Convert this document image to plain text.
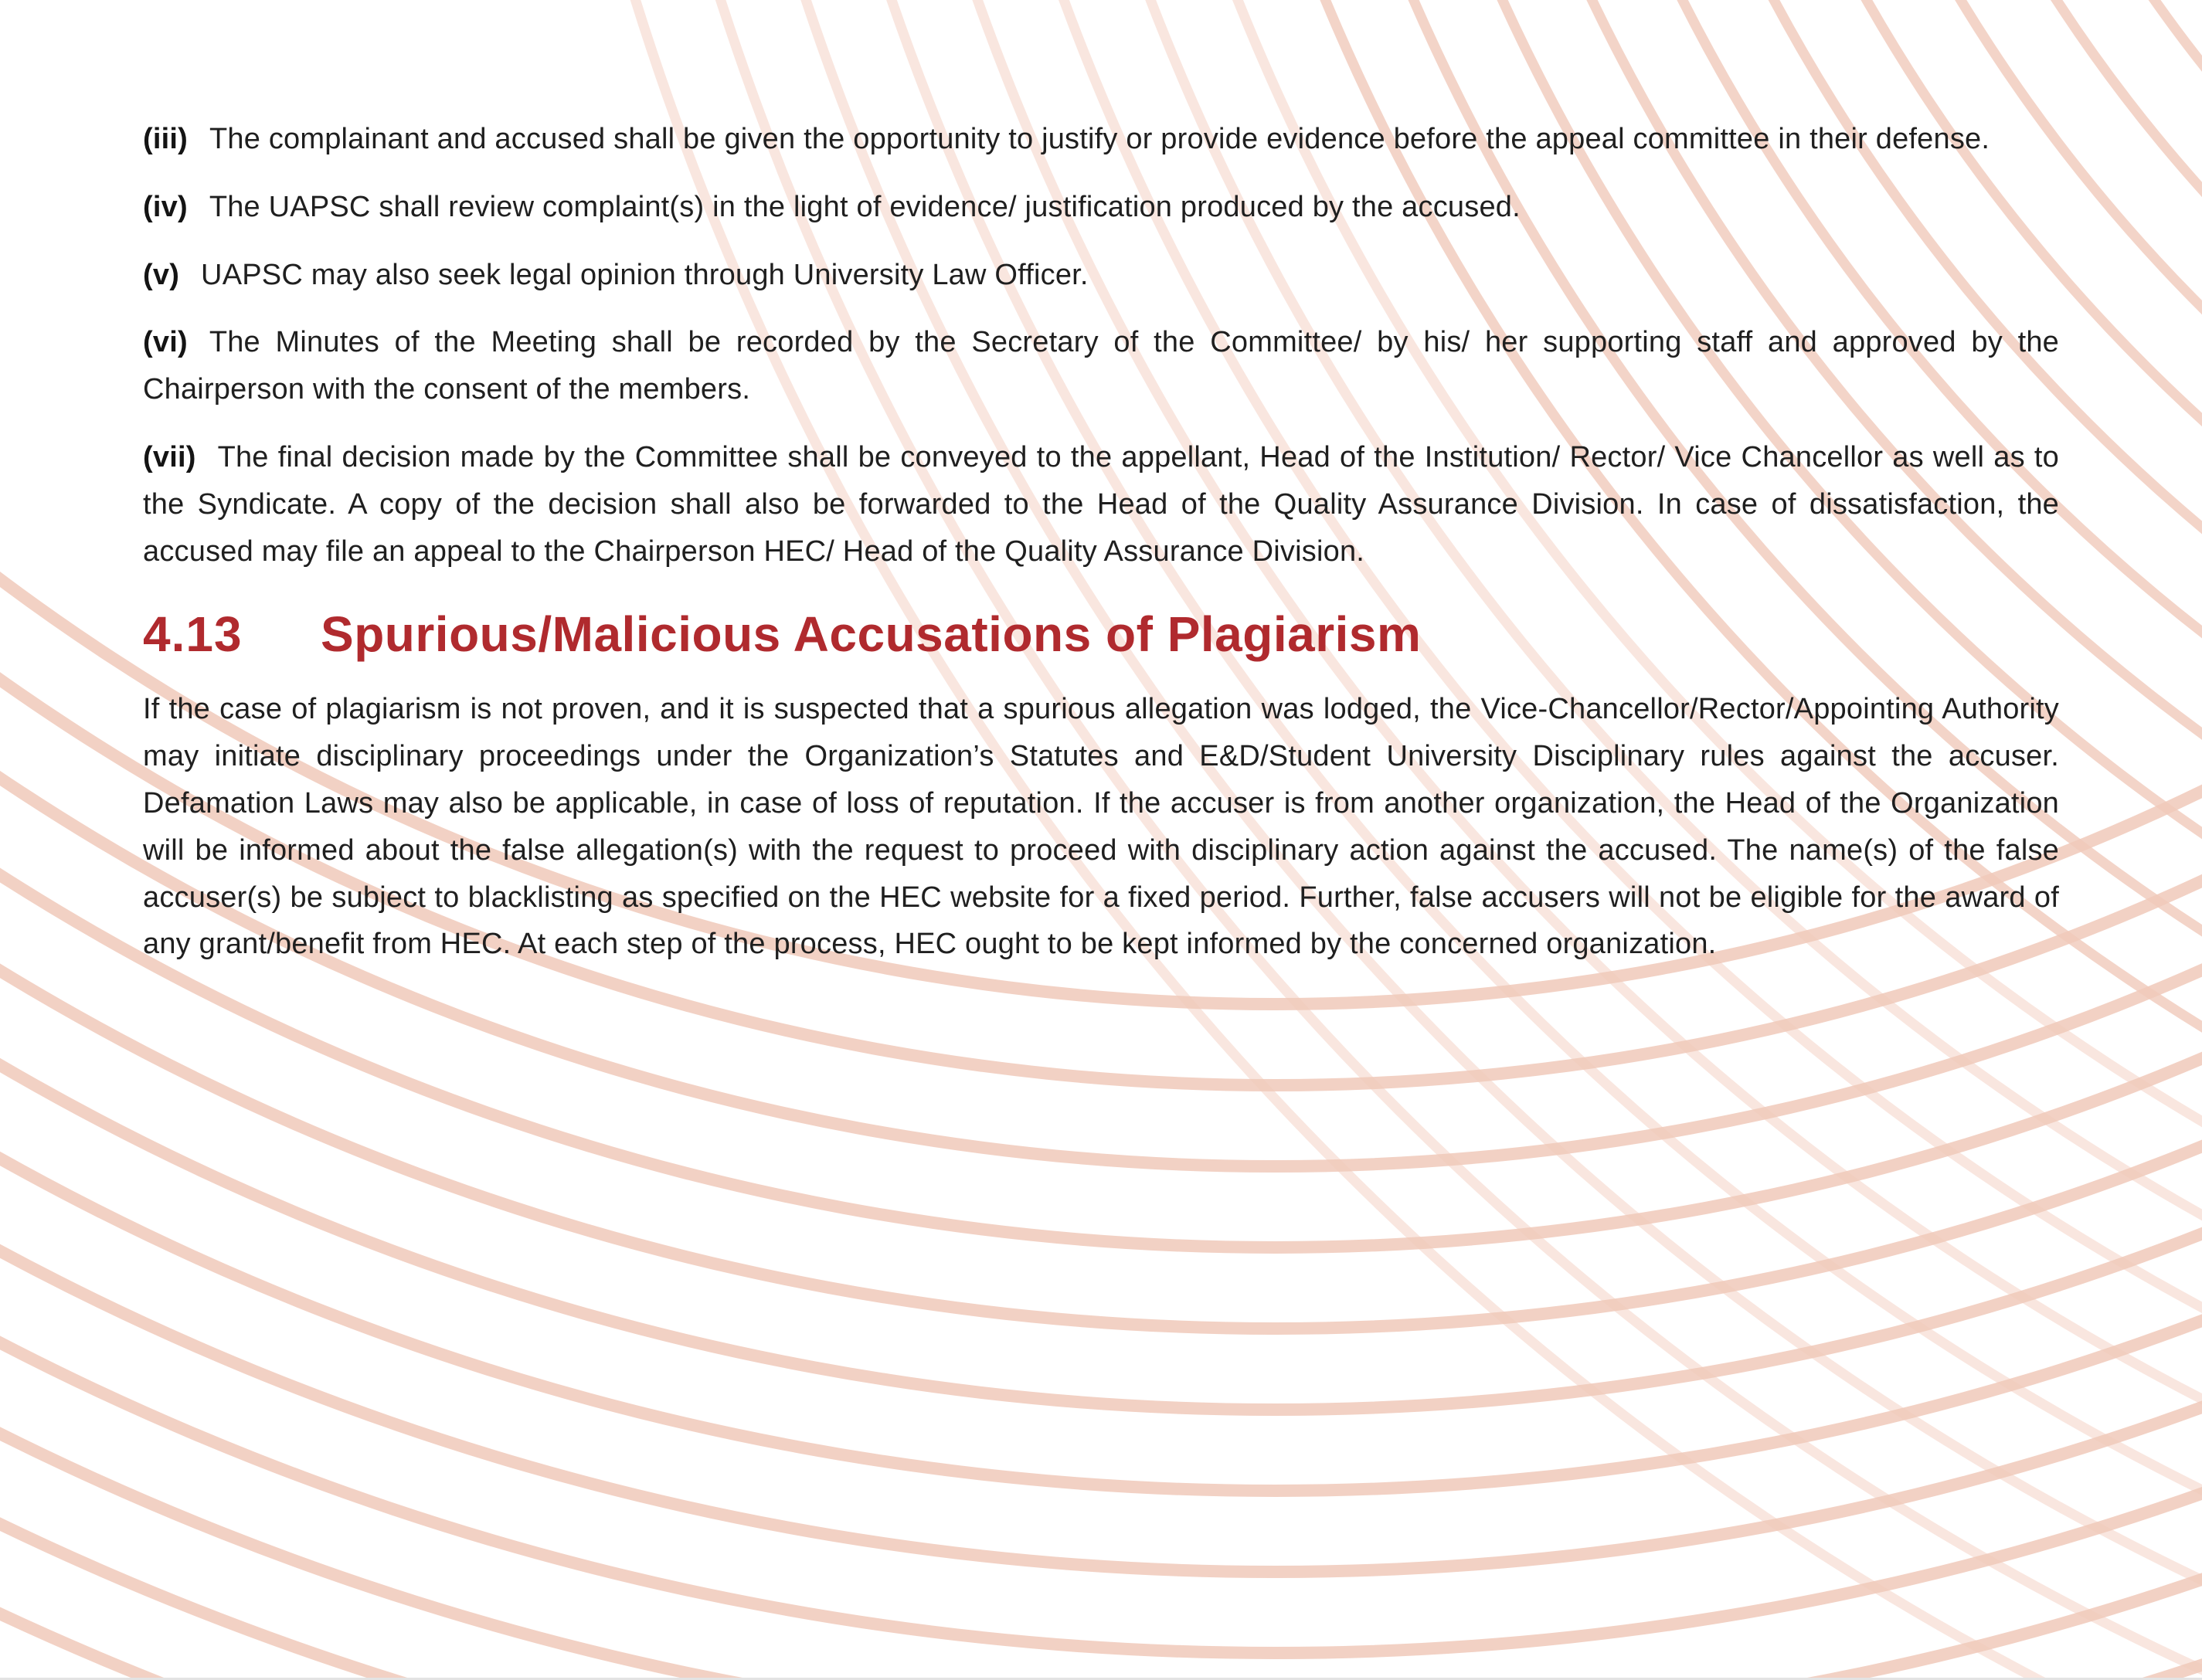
(iii) The complainant and accused shall be given the opportunity to justify or provide evidence before the appeal committee in their defense.

(iv) The UAPSC shall review complaint(s) in the light of evidence/ justification produced by the accused.

(v) UAPSC may also seek legal opinion through University Law Officer.

(vi) The Minutes of the Meeting shall be recorded by the Secretary of the Committee/ by his/ her supporting staff and approved by the Chairperson with the consent of the members.

(vii) The final decision made by the Committee shall be conveyed to the appellant, Head of the Institution/ Rector/ Vice Chancellor as well as to the Syndicate. A copy of the decision shall also be forwarded to the Head of the Quality Assurance Division. In case of dissatisfaction, the accused may file an appeal to the Chairperson HEC/ Head of the Quality Assurance Division.

4.13	Spurious/Malicious Accusations of Plagiarism

If the case of plagiarism is not proven, and it is suspected that a spurious allegation was lodged, the Vice-Chancellor/Rector/Appointing Authority may initiate disciplinary proceedings under the Organization’s Statutes and E&D/Student University Disciplinary rules against the accuser. Defamation Laws may also be applicable, in case of loss of reputation. If the accuser is from another organization, the Head of the Organization will be informed about the false allegation(s) with the request to proceed with disciplinary action against the accused. The name(s) of the false accuser(s) be subject to blacklisting as specified on the HEC website for a fixed period. Further, false accusers will not be eligible for the award of any grant/benefit from HEC. At each step of the process, HEC ought to be kept informed by the concerned organization.
